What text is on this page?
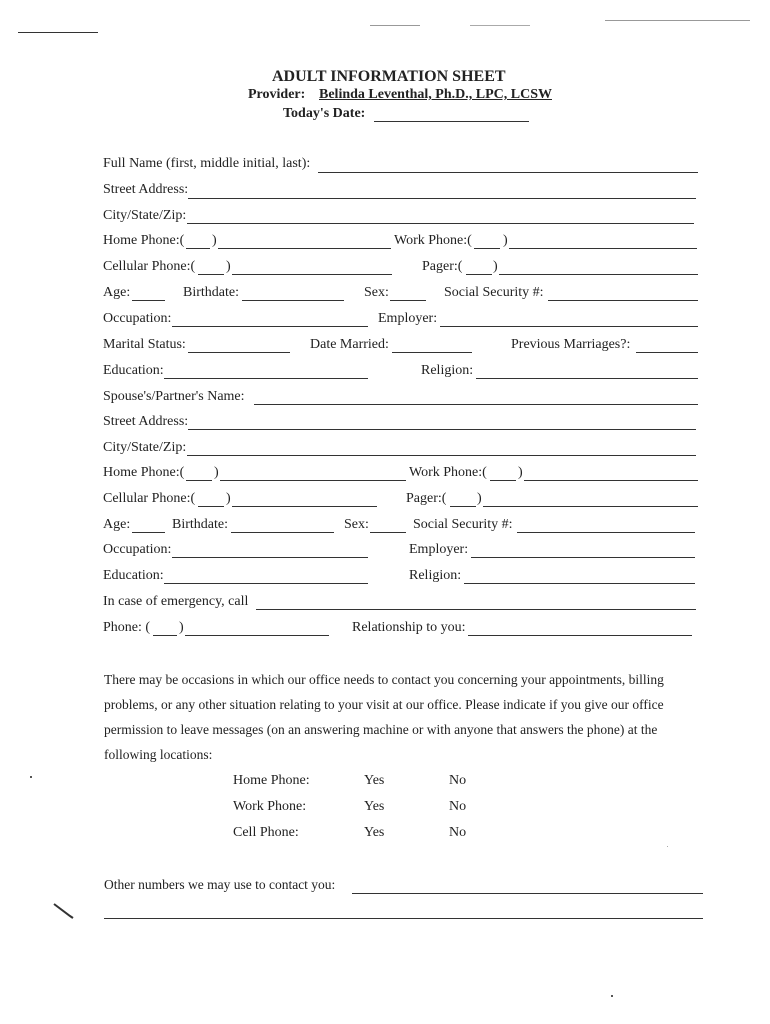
ADULT INFORMATION SHEET
Provider: Belinda Leventhal, Ph.D., LPC, LCSW
Today's Date:
Full Name (first, middle initial, last):
Street Address:
City/State/Zip:
Home Phone:( )	Work Phone:( )
Cellular Phone:( )	Pager:( )
Age:	Birthdate:	Sex:	Social Security #:
Occupation:	Employer:
Marital Status:	Date Married:	Previous Marriages?:
Education:	Religion:
Spouse's/Partner's Name:
Street Address:
City/State/Zip:
Home Phone:( )	Work Phone:( )
Cellular Phone:( )	Pager:( )
Age:	Birthdate:	Sex:	Social Security #:
Occupation:	Employer:
Education:	Religion:
In case of emergency, call
Phone: ( )	Relationship to you:
There may be occasions in which our office needs to contact you concerning your appointments, billing
problems, or any other situation relating to your visit at our office. Please indicate if you give our office
permission to leave messages (on an answering machine or with anyone that answers the phone) at the
following locations:
Home Phone:	Yes	No
Work Phone:	Yes	No
Cell Phone:	Yes	No
Other numbers we may use to contact you:
